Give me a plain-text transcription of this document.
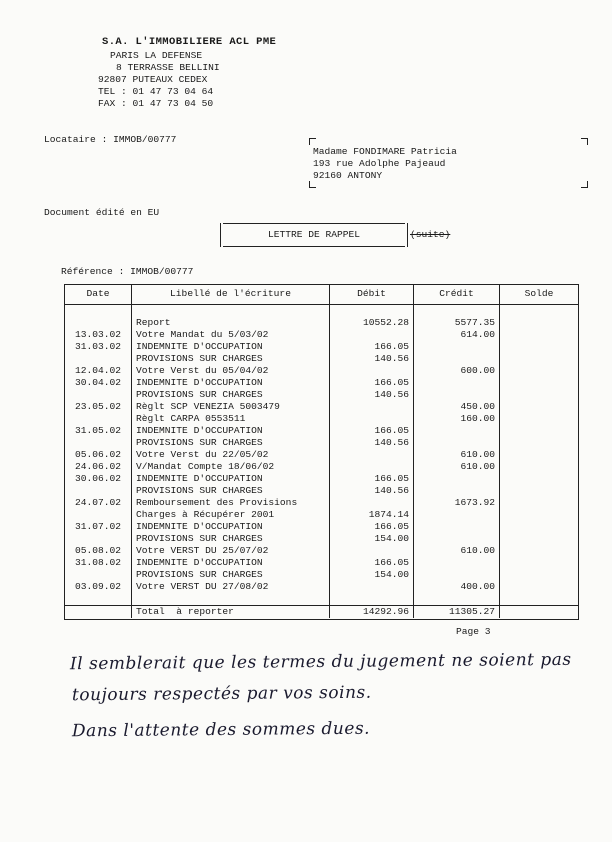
S.A. L'IMMOBILIERE ACL PME
PARIS LA DEFENSE
8 TERRASSE BELLINI
92807 PUTEAUX CEDEX
TEL : 01 47 73 04 64
FAX : 01 47 73 04 50
Locataire : IMMOB/00777
Madame FONDIMARE Patricia
193 rue Adolphe Pajeaud
92160 ANTONY
Document édité en EU
LETTRE DE RAPPEL	(suite)
Référence : IMMOB/00777
Date	Libellé de l'écriture	Débit	Crédit	Solde

	Report	10552.28	5577.35	
13.03.02	Votre Mandat du 5/03/02		614.00	
31.03.02	INDEMNITE D'OCCUPATION	166.05		
	PROVISIONS SUR CHARGES	140.56		
12.04.02	Votre Verst du 05/04/02		600.00	
30.04.02	INDEMNITE D'OCCUPATION	166.05		
	PROVISIONS SUR CHARGES	140.56		
23.05.02	Règlt SCP VENEZIA 5003479		450.00	
	Règlt CARPA 0553511		160.00	
31.05.02	INDEMNITE D'OCCUPATION	166.05		
	PROVISIONS SUR CHARGES	140.56		
05.06.02	Votre Verst du 22/05/02		610.00	
24.06.02	V/Mandat Compte 18/06/02		610.00	
30.06.02	INDEMNITE D'OCCUPATION	166.05		
	PROVISIONS SUR CHARGES	140.56		
24.07.02	Remboursement des Provisions		1673.92	
	Charges à Récupérer 2001	1874.14		
31.07.02	INDEMNITE D'OCCUPATION	166.05		
	PROVISIONS SUR CHARGES	154.00		
05.08.02	Votre VERST DU 25/07/02		610.00	
31.08.02	INDEMNITE D'OCCUPATION	166.05		
	PROVISIONS SUR CHARGES	154.00		
03.09.02	Votre VERST DU 27/08/02		400.00	

	Total  à reporter	14292.96	11305.27	
Page 3
Il semblerait que les termes du jugement ne soient pas
toujours respectés par vos soins.
Dans l'attente des sommes dues.
